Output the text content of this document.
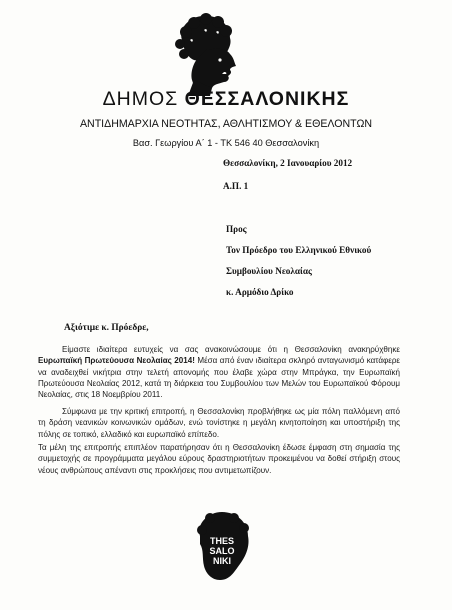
ΔΗΜΟΣ ΘΕΣΣΑΛΟΝΙΚΗΣ
ΑΝΤΙΔΗΜΑΡΧΙΑ ΝΕΟΤΗΤΑΣ, ΑΘΛΗΤΙΣΜΟΥ & ΕΘΕΛΟΝΤΩΝ
Βασ. Γεωργίου Α΄ 1 - ΤΚ 546 40 Θεσσαλονίκη
Θεσσαλονίκη, 2 Ιανουαρίου 2012
Α.Π. 1
Προς
Τον Πρόεδρο του Ελληνικού Εθνικού
Συμβουλίου Νεολαίας
κ. Αρμόδιο Δρίκο
Αξιότιμε κ. Πρόεδρε,
Είμαστε ιδιαίτερα ευτυχείς να σας ανακοινώσουμε ότι η Θεσσαλονίκη ανακηρύχθηκε Ευρωπαϊκή Πρωτεύουσα Νεολαίας 2014! Μέσα από έναν ιδιαίτερα σκληρό ανταγωνισμό κατάφερε να αναδειχθεί νικήτρια στην τελετή απονομής που έλαβε χώρα στην Μπράγκα, την Ευρωπαϊκή Πρωτεύουσα Νεολαίας 2012, κατά τη διάρκεια του Συμβουλίου των Μελών του Ευρωπαϊκού Φόρουμ Νεολαίας, στις 18 Νοεμβρίου 2011.
Σύμφωνα με την κριτική επιτροπή, η Θεσσαλονίκη προβλήθηκε ως μία πόλη παλλόμενη από τη δράση νεανικών κοινωνικών ομάδων, ενώ τονίστηκε η μεγάλη κινητοποίηση και υποστήριξη της πόλης σε τοπικό, ελλαδικό και ευρωπαϊκό επίπεδο.
Τα μέλη της επιτροπής επιπλέον παρατήρησαν ότι η Θεσσαλονίκη έδωσε έμφαση στη σημασία της συμμετοχής σε προγράμματα μεγάλου εύρους δραστηριοτήτων προκειμένου να δοθεί στήριξη στους νέους ανθρώπους απέναντι στις προκλήσεις που αντιμετωπίζουν.
THES
SALO
NIKI
